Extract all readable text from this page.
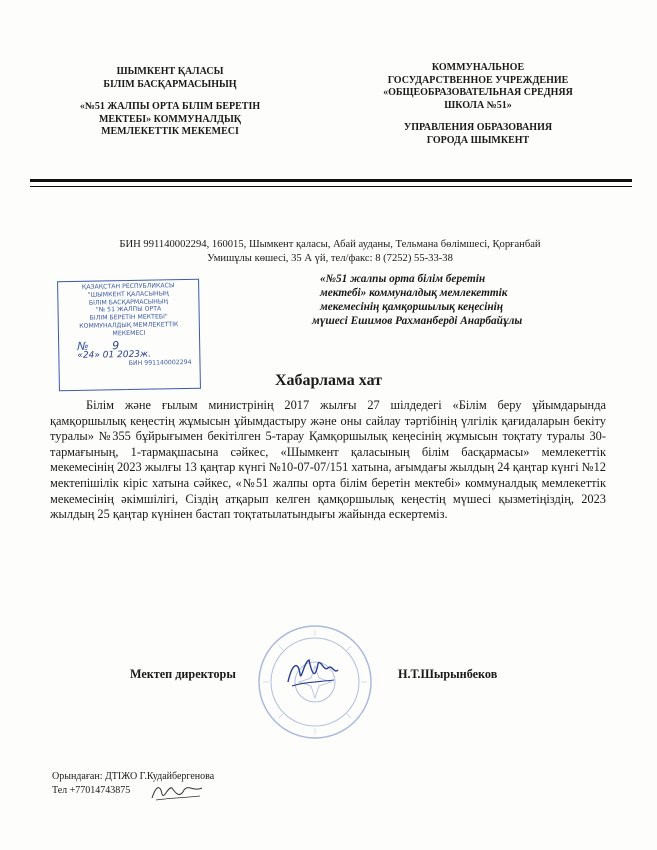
ШЫМКЕНТ ҚАЛАСЫ
БІЛІМ БАСҚАРМАСЫНЫҢ
«№51 ЖАЛПЫ ОРТА БІЛІМ БЕРЕТІН
МЕКТЕБІ» КОММУНАЛДЫҚ
МЕМЛЕКЕТТІК МЕКЕМЕСІ
КОММУНАЛЬНОЕ
ГОСУДАРСТВЕННОЕ УЧРЕЖДЕНИЕ
«ОБЩЕОБРАЗОВАТЕЛЬНАЯ СРЕДНЯЯ
ШКОЛА №51»
УПРАВЛЕНИЯ ОБРАЗОВАНИЯ
ГОРОДА ШЫМКЕНТ
БИН 991140002294, 160015, Шымкент қаласы, Абай ауданы, Тельмана бөлімшесі, Қорғанбай
Умишұлы көшесі, 35 А үй, тел/факс: 8 (7252) 55-33-38
ҚАЗАҚСТАН РЕСПУБЛИКАСЫ
"ШЫМКЕНТ ҚАЛАСЫНЫҢ
БІЛІМ БАСҚАРМАСЫНЫҢ
"№ 51 ЖАЛПЫ ОРТА
БІЛІМ БЕРЕТІН МЕКТЕБІ"
КОММУНАЛДЫҚ МЕМЛЕКЕТТІК
МЕКЕМЕСІ
№ 9
«24» 01 2023ж.
БИН 991140002294
«№51 жалпы орта білім беретін
мектебі» коммуналдық мемлекеттік
мекемесінің қамқоршылық кеңесінің
мүшесі Ешимов Рахманберді Анарбайұлы
Хабарлама хат
Білім және ғылым министрінің 2017 жылғы 27 шілдедегі «Білім беру ұйымдарында қамқоршылық кеңестің жұмысын ұйымдастыру және оны сайлау тәртібінің үлгілік қағидаларын бекіту туралы» №355 бұйрығымен бекітілген 5-тарау Қамқоршылық кеңесінің жұмысын тоқтату туралы 30-тармағының, 1-тармақшасына сәйкес, «Шымкент қаласының білім басқармасы» мемлекеттік мекемесінің 2023 жылғы 13 қаңтар күнгі №10-07-07/151 хатына, ағымдағы жылдың 24 қаңтар күнгі №12 мектепішілік кіріс хатына сәйкес, «№51 жалпы орта білім беретін мектебі» коммуналдық мемлекеттік мекемесінің әкімшілігі, Сіздің атқарып келген қамқоршылық кеңестің мүшесі қызметіңіздің, 2023 жылдың 25 қаңтар күнінен бастап тоқтатылатындығы жайында ескертеміз.
Мектеп директоры	Н.Т.Шырынбеков
Орындаған: ДТІЖО Г.Кудайбергенова
Тел +77014743875
